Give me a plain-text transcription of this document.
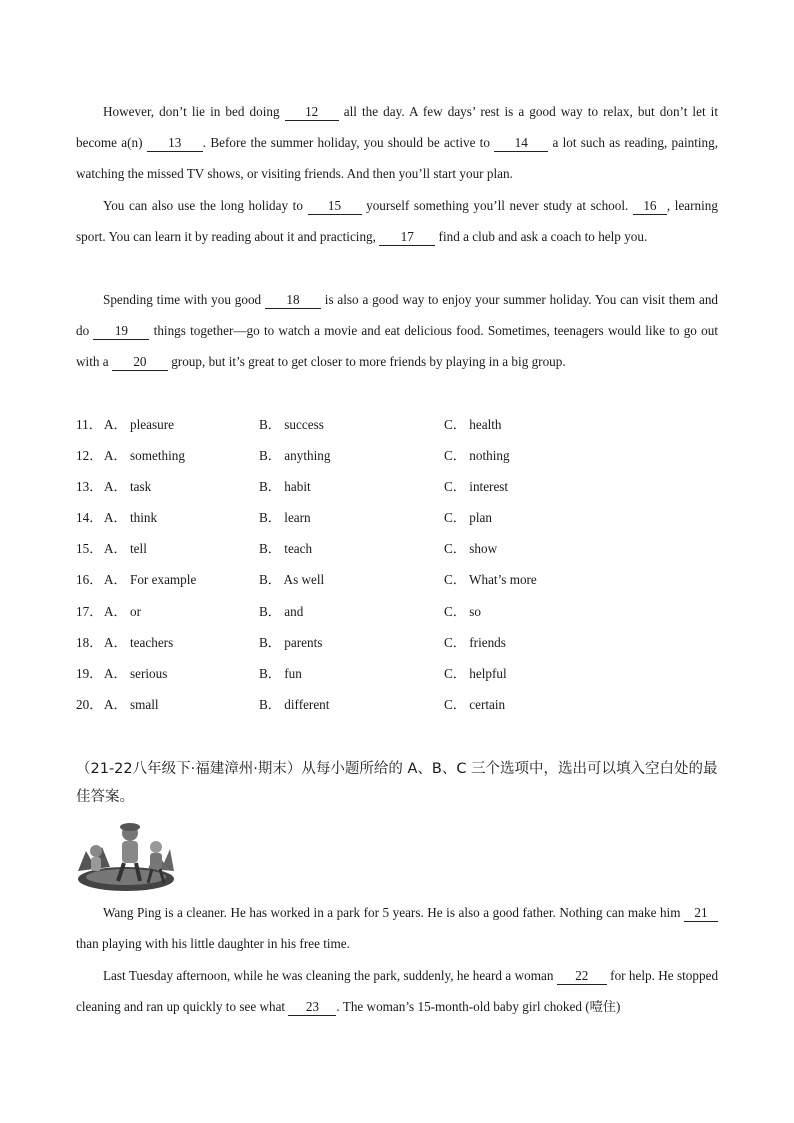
However, don’t lie in bed doing 12 all the day. A few days’ rest is a good way to relax, but don’t let it become a(n) 13 . Before the summer holiday, you should be active to 14 a lot such as reading, painting, watching the missed TV shows, or visiting friends. And then you’ll start your plan.

You can also use the long holiday to 15 yourself something you’ll never study at school. 16 , learning sport. You can learn it by reading about it and practicing, 17 find a club and ask a coach to help you.

Spending time with you good 18 is also a good way to enjoy your summer holiday. You can visit them and do 19 things together—go to watch a movie and eat delicious food. Sometimes, teenagers would like to go out with a 20 group, but it’s great to get closer to more friends by playing in a big group.

11． A． pleasure	B． success	C． health
12． A． something	B． anything	C． nothing
13． A． task	B． habit	C． interest
14． A． think	B． learn	C． plan
15． A． tell	B． teach	C． show
16． A． For example	B． As well	C． What’s more
17． A． or	B． and	C． so
18． A． teachers	B． parents	C． friends
19． A． serious	B． fun	C． helpful
20． A． small	B． different	C． certain

（21-22八年级下·福建漳州·期末）从每小题所给的 A、B、C 三个选项中，选出可以填入空白处的最佳答案。

Wang Ping is a cleaner. He has worked in a park for 5 years. He is also a good father. Nothing can make him 21 than playing with his little daughter in his free time.

Last Tuesday afternoon, while he was cleaning the park, suddenly, he heard a woman 22 for help. He stopped cleaning and ran up quickly to see what 23 . The woman’s 15-month-old baby girl choked (噎住)
